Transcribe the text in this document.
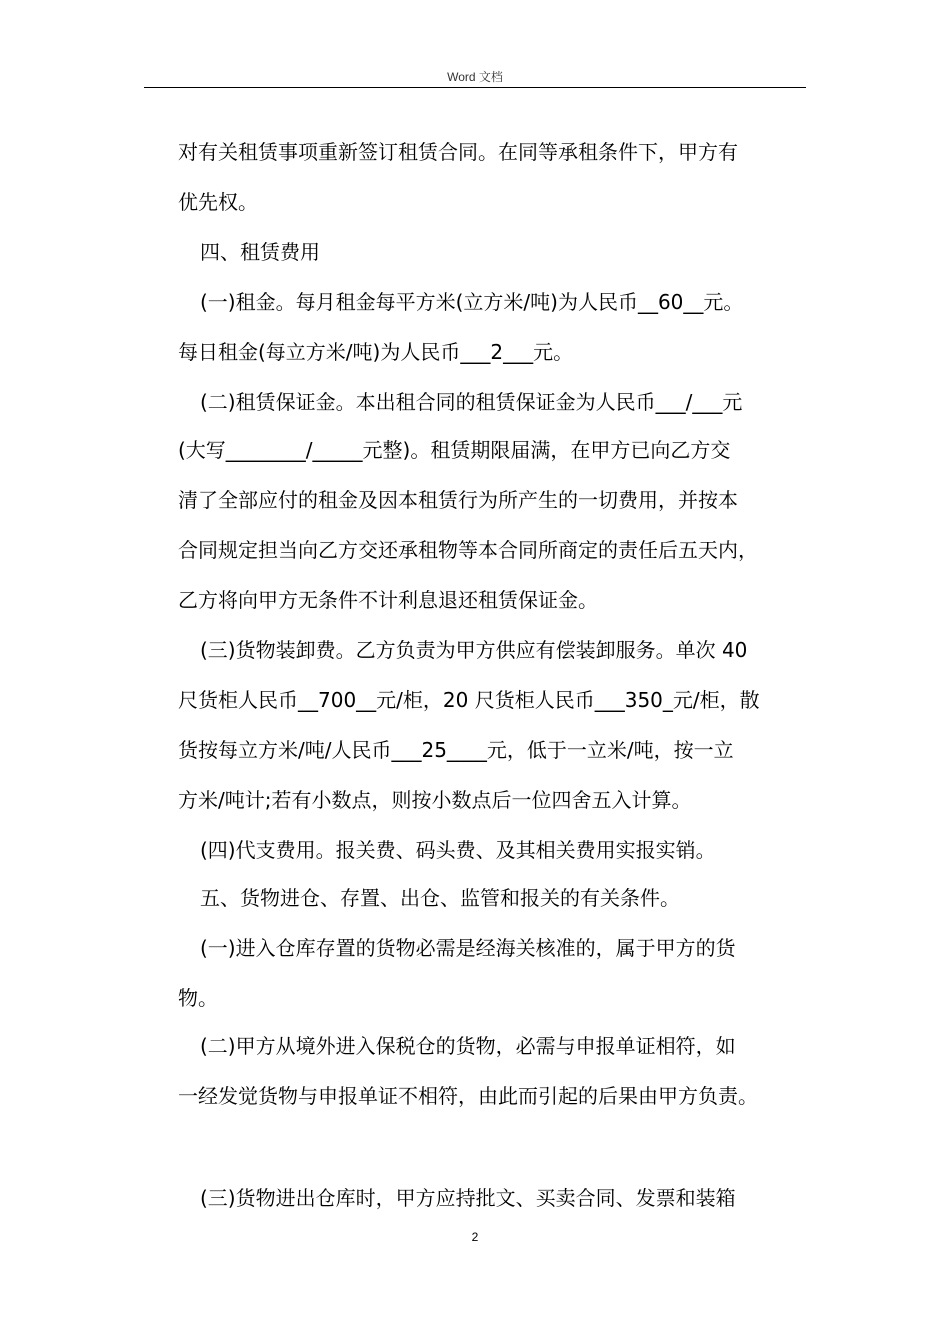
Word 文档
对有关租赁事项重新签订租赁合同。在同等承租条件下，甲方有
优先权。
四、租赁费用
(一)租金。每月租金每平方米(立方米/吨)为人民币__60__元。
每日租金(每立方米/吨)为人民币___2___元。
(二)租赁保证金。本出租合同的租赁保证金为人民币___/___元
(大写________/_____元整)。租赁期限届满，在甲方已向乙方交
清了全部应付的租金及因本租赁行为所产生的一切费用，并按本
合同规定担当向乙方交还承租物等本合同所商定的责任后五天内，
乙方将向甲方无条件不计利息退还租赁保证金。
(三)货物装卸费。乙方负责为甲方供应有偿装卸服务。单次 40
尺货柜人民币__700__元/柜，20 尺货柜人民币___350_元/柜，散
货按每立方米/吨/人民币___25____元，低于一立米/吨，按一立
方米/吨计;若有小数点，则按小数点后一位四舍五入计算。
(四)代支费用。报关费、码头费、及其相关费用实报实销。
五、货物进仓、存置、出仓、监管和报关的有关条件。
(一)进入仓库存置的货物必需是经海关核准的，属于甲方的货
物。
(二)甲方从境外进入保税仓的货物，必需与申报单证相符，如
一经发觉货物与申报单证不相符，由此而引起的后果由甲方负责。
(三)货物进出仓库时，甲方应持批文、买卖合同、发票和装箱
2
